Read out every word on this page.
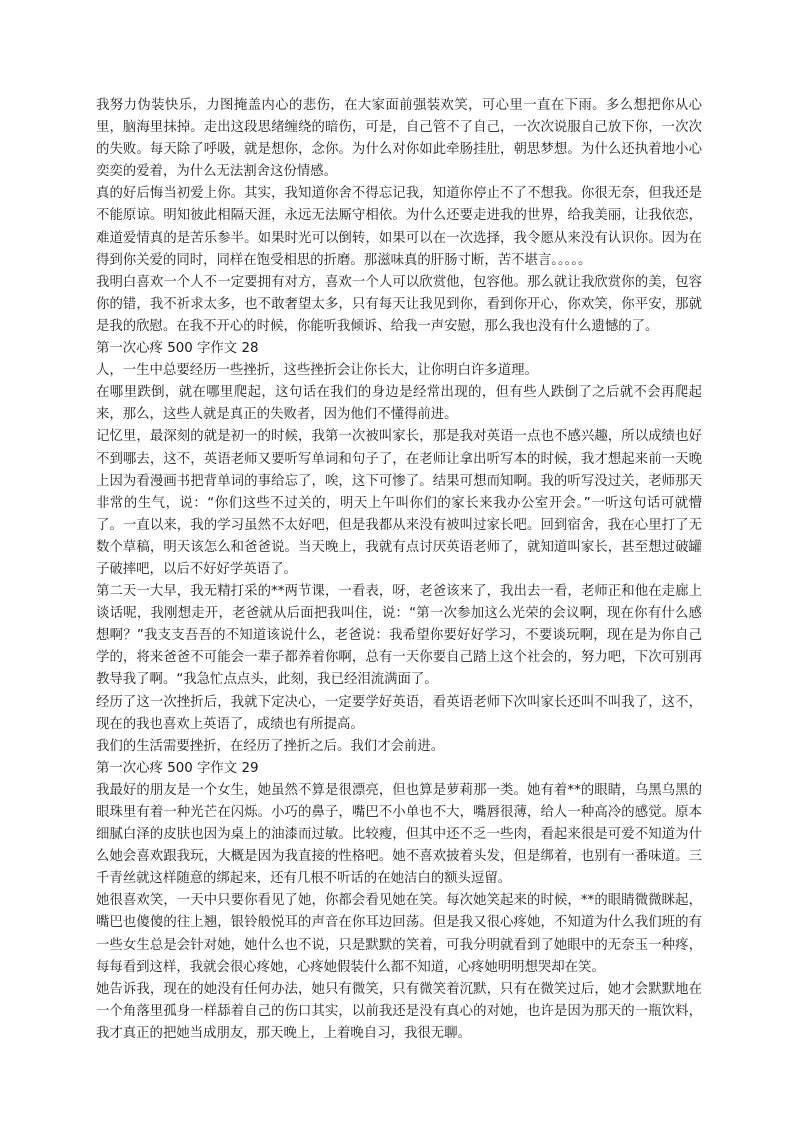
我努力伪装快乐，力图掩盖内心的悲伤，在大家面前强装欢笑，可心里一直在下雨。多么想把你从心里，脑海里抹掉。走出这段思绪缠绕的暗伤，可是，自己管不了自己，一次次说服自己放下你，一次次的失败。每天除了呼吸，就是想你，念你。为什么对你如此牵肠挂肚，朝思梦想。为什么还执着地小心奕奕的爱着，为什么无法割舍这份情感。

真的好后悔当初爱上你。其实，我知道你舍不得忘记我，知道你停止不了不想我。你很无奈，但我还是不能原谅。明知彼此相隔天涯，永远无法厮守相依。为什么还要走进我的世界，给我美丽，让我依恋，难道爱情真的是苦乐参半。如果时光可以倒转，如果可以在一次选择，我令愿从来没有认识你。因为在得到你关爱的同时，同样在饱受相思的折磨。那滋味真的肝肠寸断，苦不堪言。。。。。

我明白喜欢一个人不一定要拥有对方，喜欢一个人可以欣赏他，包容他。那么就让我欣赏你的美，包容你的错，我不祈求太多，也不敢奢望太多，只有每天让我见到你，看到你开心，你欢笑，你平安，那就是我的欣慰。在我不开心的时候，你能听我倾诉、给我一声安慰，那么我也没有什么遗憾的了。

第一次心疼 500 字作文 28

人，一生中总要经历一些挫折，这些挫折会让你长大，让你明白许多道理。

在哪里跌倒，就在哪里爬起，这句话在我们的身边是经常出现的，但有些人跌倒了之后就不会再爬起来，那么，这些人就是真正的失败者，因为他们不懂得前进。

记忆里，最深刻的就是初一的时候，我第一次被叫家长，那是我对英语一点也不感兴趣，所以成绩也好不到哪去，这不，英语老师又要听写单词和句子了，在老师让拿出听写本的时候，我才想起来前一天晚上因为看漫画书把背单词的事给忘了，唉，这下可惨了。结果可想而知啊。我的听写没过关，老师那天非常的生气，说：“你们这些不过关的，明天上午叫你们的家长来我办公室开会。”一听这句话可就懵了。一直以来，我的学习虽然不太好吧，但是我都从来没有被叫过家长吧。回到宿舍，我在心里打了无数个草稿，明天该怎么和爸爸说。当天晚上，我就有点讨厌英语老师了，就知道叫家长，甚至想过破罐子破摔吧，以后不好好学英语了。

第二天一大早，我无精打采的**两节课，一看表，呀，老爸该来了，我出去一看，老师正和他在走廊上谈话呢，我刚想走开，老爸就从后面把我叫住，说：“第一次参加这么光荣的会议啊，现在你有什么感想啊？”我支支吾吾的不知道该说什么，老爸说：我希望你要好好学习，不要谈玩啊，现在是为你自己学的，将来爸爸不可能会一辈子都养着你啊，总有一天你要自己踏上这个社会的，努力吧，下次可别再教导我了啊。“我急忙点点头，此刻，我已经泪流满面了。

经历了这一次挫折后，我就下定决心，一定要学好英语，看英语老师下次叫家长还叫不叫我了，这不，现在的我也喜欢上英语了，成绩也有所提高。

我们的生活需要挫折，在经历了挫折之后。我们才会前进。

第一次心疼 500 字作文 29

我最好的朋友是一个女生，她虽然不算是很漂亮，但也算是萝莉那一类。她有着**的眼睛，乌黑乌黑的眼珠里有着一种光芒在闪烁。小巧的鼻子，嘴巴不小单也不大，嘴唇很薄，给人一种高冷的感觉。原本细腻白泽的皮肤也因为桌上的油漆而过敏。比较瘦，但其中还不乏一些肉，看起来很是可爱不知道为什么她会喜欢跟我玩，大概是因为我直接的性格吧。她不喜欢披着头发，但是绑着，也别有一番味道。三千青丝就这样随意的绑起来，还有几根不听话的在她洁白的额头逗留。

她很喜欢笑，一天中只要你看见了她，你都会看见她在笑。每次她笑起来的时候，**的眼睛微微眯起，嘴巴也傻傻的往上翘，银铃般悦耳的声音在你耳边回荡。但是我又很心疼她，不知道为什么我们班的有一些女生总是会针对她，她什么也不说，只是默默的笑着，可我分明就看到了她眼中的无奈玉一种疼，每每看到这样，我就会很心疼她，心疼她假装什么都不知道，心疼她明明想哭却在笑。

她告诉我，现在的她没有任何办法，她只有微笑，只有微笑着沉默，只有在微笑过后，她才会默默地在一个角落里孤身一样舔着自己的伤口其实，以前我还是没有真心的对她，也许是因为那天的一瓶饮料，我才真正的把她当成朋友，那天晚上，上着晚自习，我很无聊。
